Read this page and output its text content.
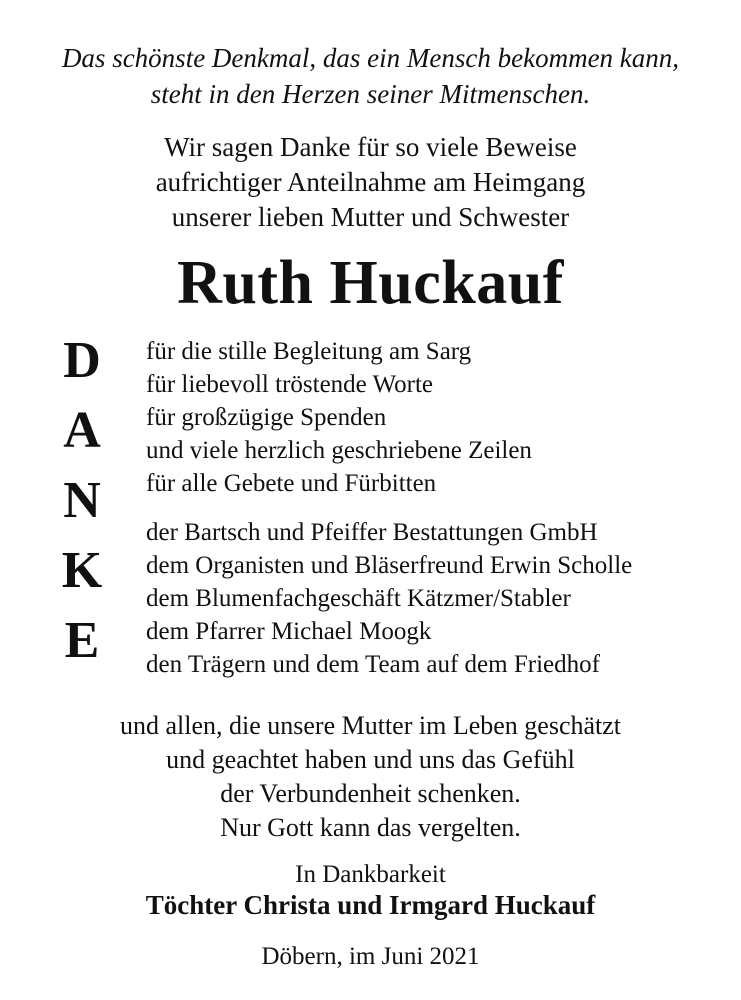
Das schönste Denkmal, das ein Mensch bekommen kann,
steht in den Herzen seiner Mitmenschen.
Wir sagen Danke für so viele Beweise
aufrichtiger Anteilnahme am Heimgang
unserer lieben Mutter und Schwester
Ruth Huckauf
D
A
N
K
E
für die stille Begleitung am Sarg
für liebevoll tröstende Worte
für großzügige Spenden
und viele herzlich geschriebene Zeilen
für alle Gebete und Fürbitten
der Bartsch und Pfeiffer Bestattungen GmbH
dem Organisten und Bläserfreund Erwin Scholle
dem Blumenfachgeschäft Kätzmer/Stabler
dem Pfarrer Michael Moogk
den Trägern und dem Team auf dem Friedhof
und allen, die unsere Mutter im Leben geschätzt
und geachtet haben und uns das Gefühl
der Verbundenheit schenken.
Nur Gott kann das vergelten.
In Dankbarkeit
Töchter Christa und Irmgard Huckauf
Döbern, im Juni 2021
